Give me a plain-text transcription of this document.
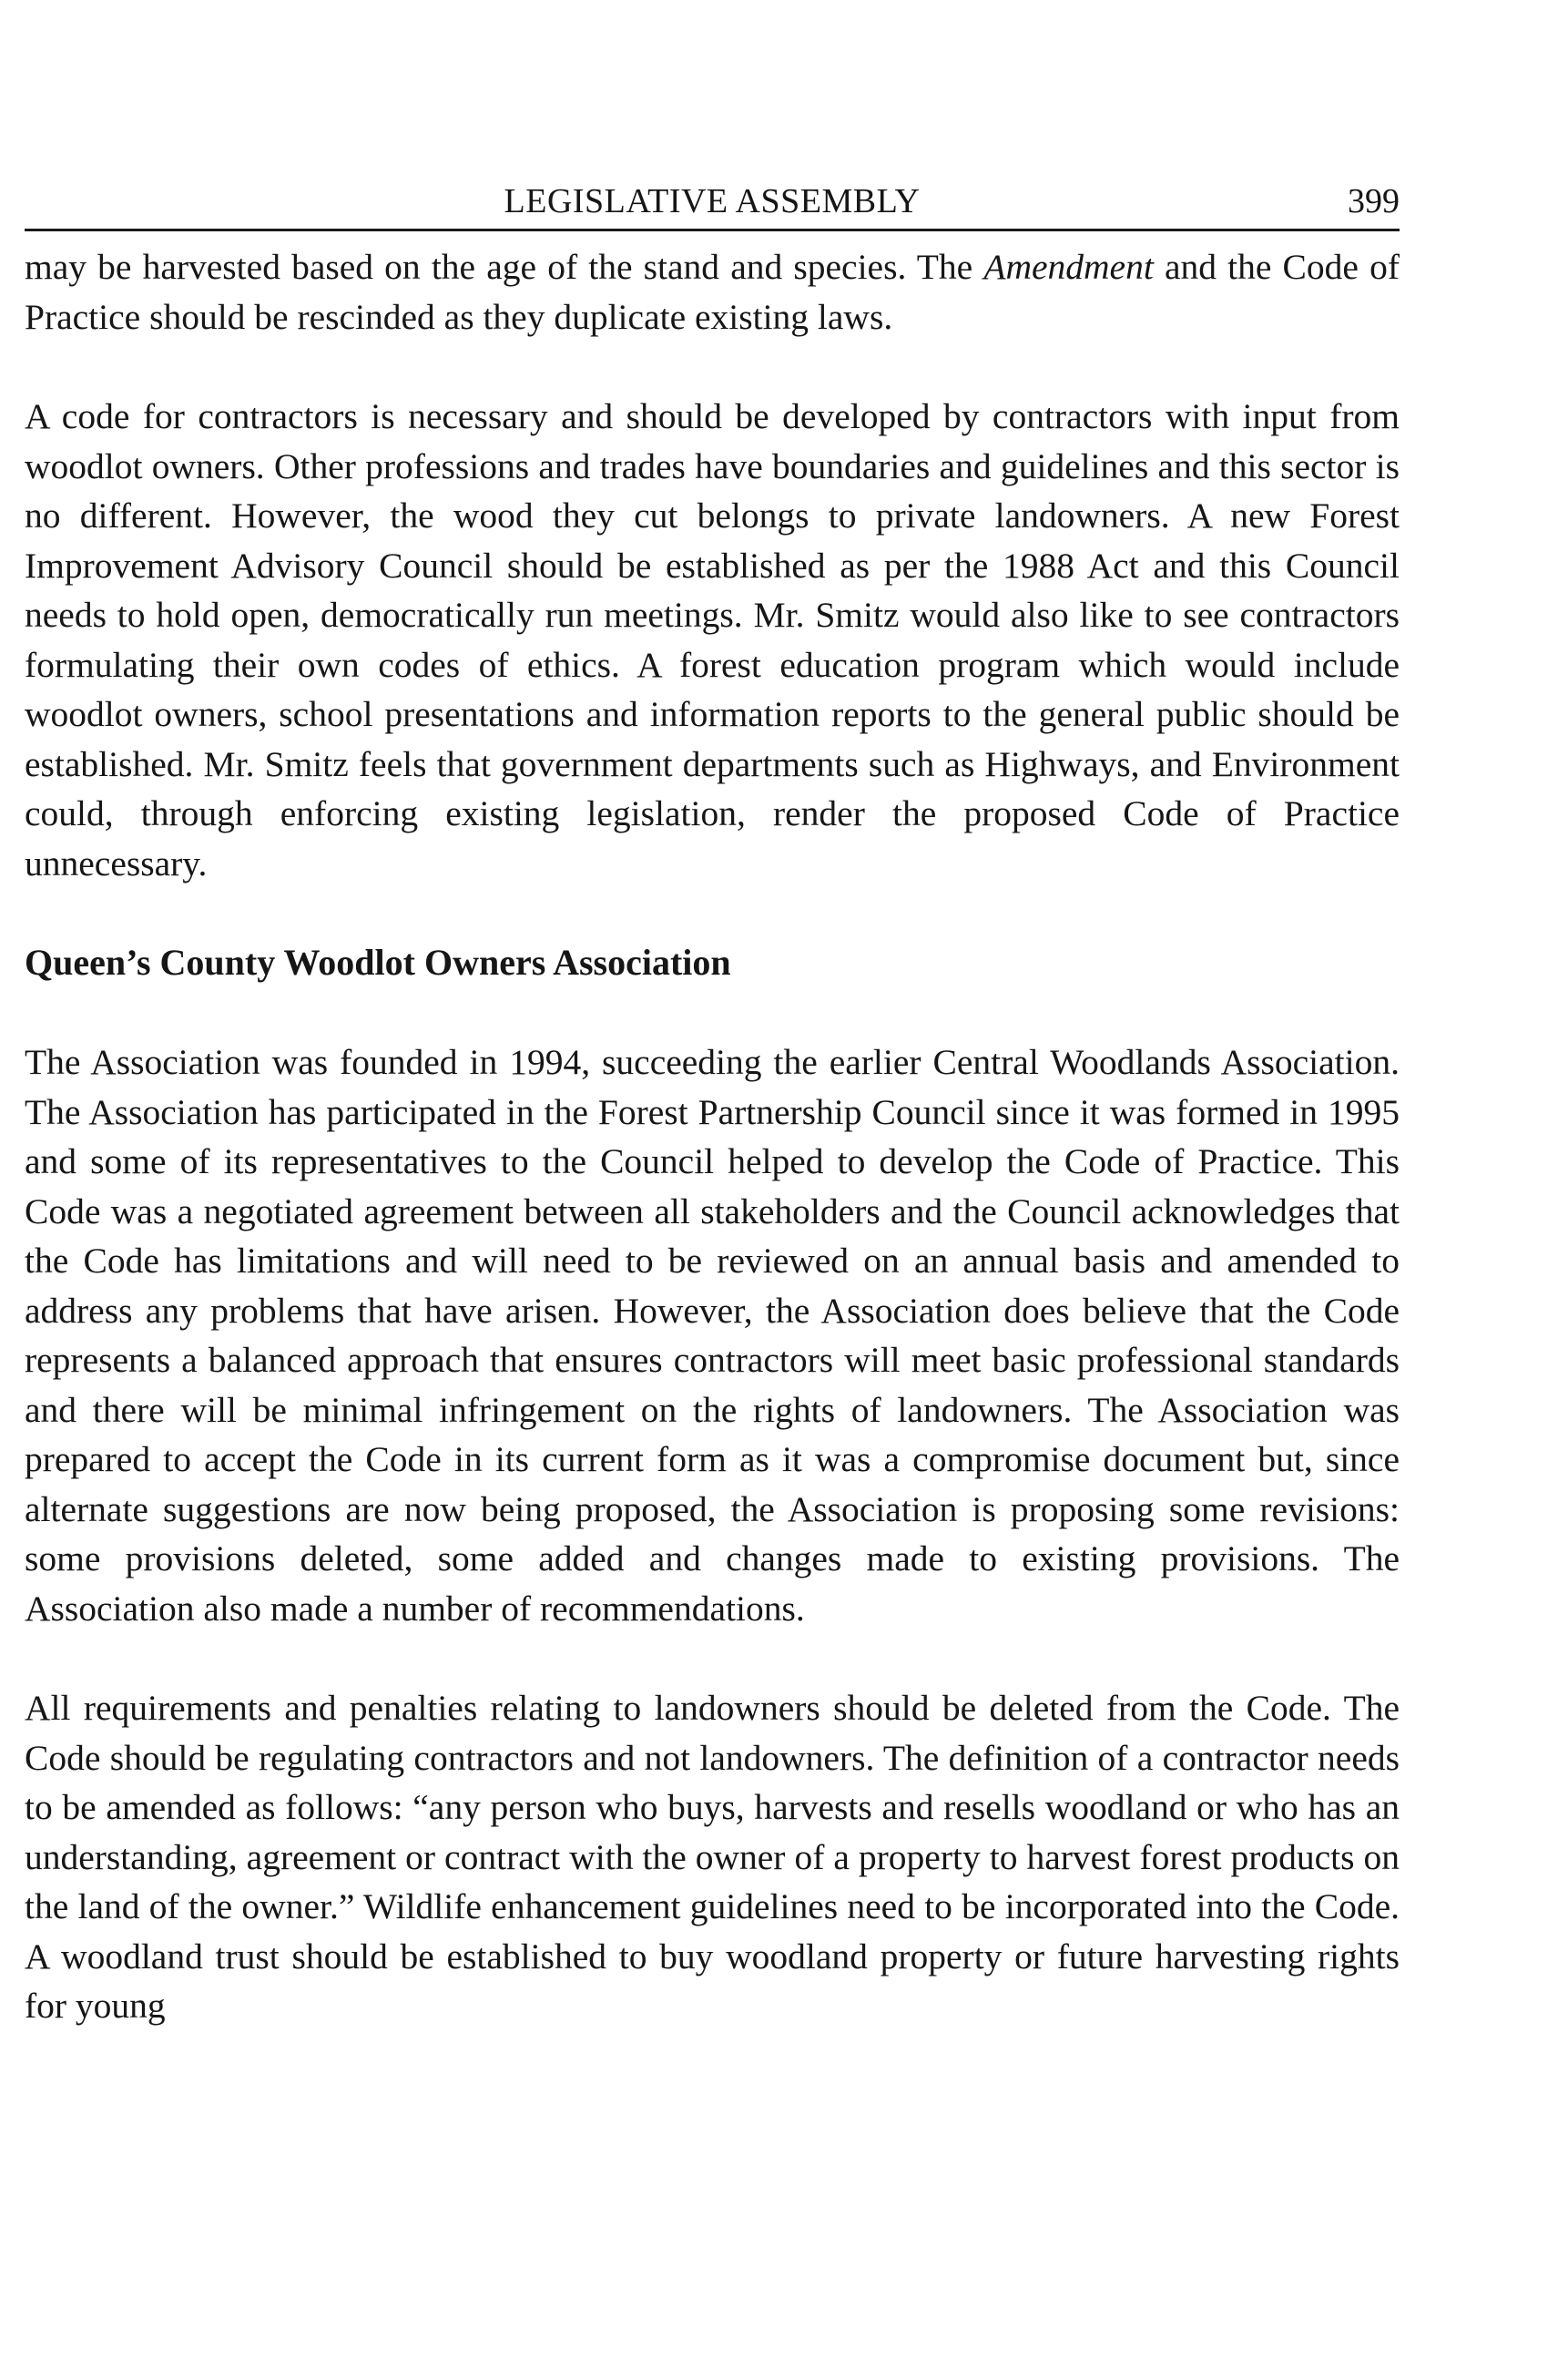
LEGISLATIVE ASSEMBLY	399

may be harvested based on the age of the stand and species. The Amendment and the Code of Practice should be rescinded as they duplicate existing laws.

A code for contractors is necessary and should be developed by contractors with input from woodlot owners. Other professions and trades have boundaries and guidelines and this sector is no different. However, the wood they cut belongs to private landowners. A new Forest Improvement Advisory Council should be established as per the 1988 Act and this Council needs to hold open, democratically run meetings. Mr. Smitz would also like to see contractors formulating their own codes of ethics. A forest education program which would include woodlot owners, school presentations and information reports to the general public should be established. Mr. Smitz feels that government departments such as Highways, and Environment could, through enforcing existing legislation, render the proposed Code of Practice unnecessary.

Queen’s County Woodlot Owners Association

The Association was founded in 1994, succeeding the earlier Central Woodlands Association. The Association has participated in the Forest Partnership Council since it was formed in 1995 and some of its representatives to the Council helped to develop the Code of Practice. This Code was a negotiated agreement between all stakeholders and the Council acknowledges that the Code has limitations and will need to be reviewed on an annual basis and amended to address any problems that have arisen. However, the Association does believe that the Code represents a balanced approach that ensures contractors will meet basic professional standards and there will be minimal infringement on the rights of landowners. The Association was prepared to accept the Code in its current form as it was a compromise document but, since alternate suggestions are now being proposed, the Association is proposing some revisions: some provisions deleted, some added and changes made to existing provisions. The Association also made a number of recommendations.

All requirements and penalties relating to landowners should be deleted from the Code. The Code should be regulating contractors and not landowners. The definition of a contractor needs to be amended as follows: “any person who buys, harvests and resells woodland or who has an understanding, agreement or contract with the owner of a property to harvest forest products on the land of the owner.” Wildlife enhancement guidelines need to be incorporated into the Code. A woodland trust should be established to buy woodland property or future harvesting rights for young
